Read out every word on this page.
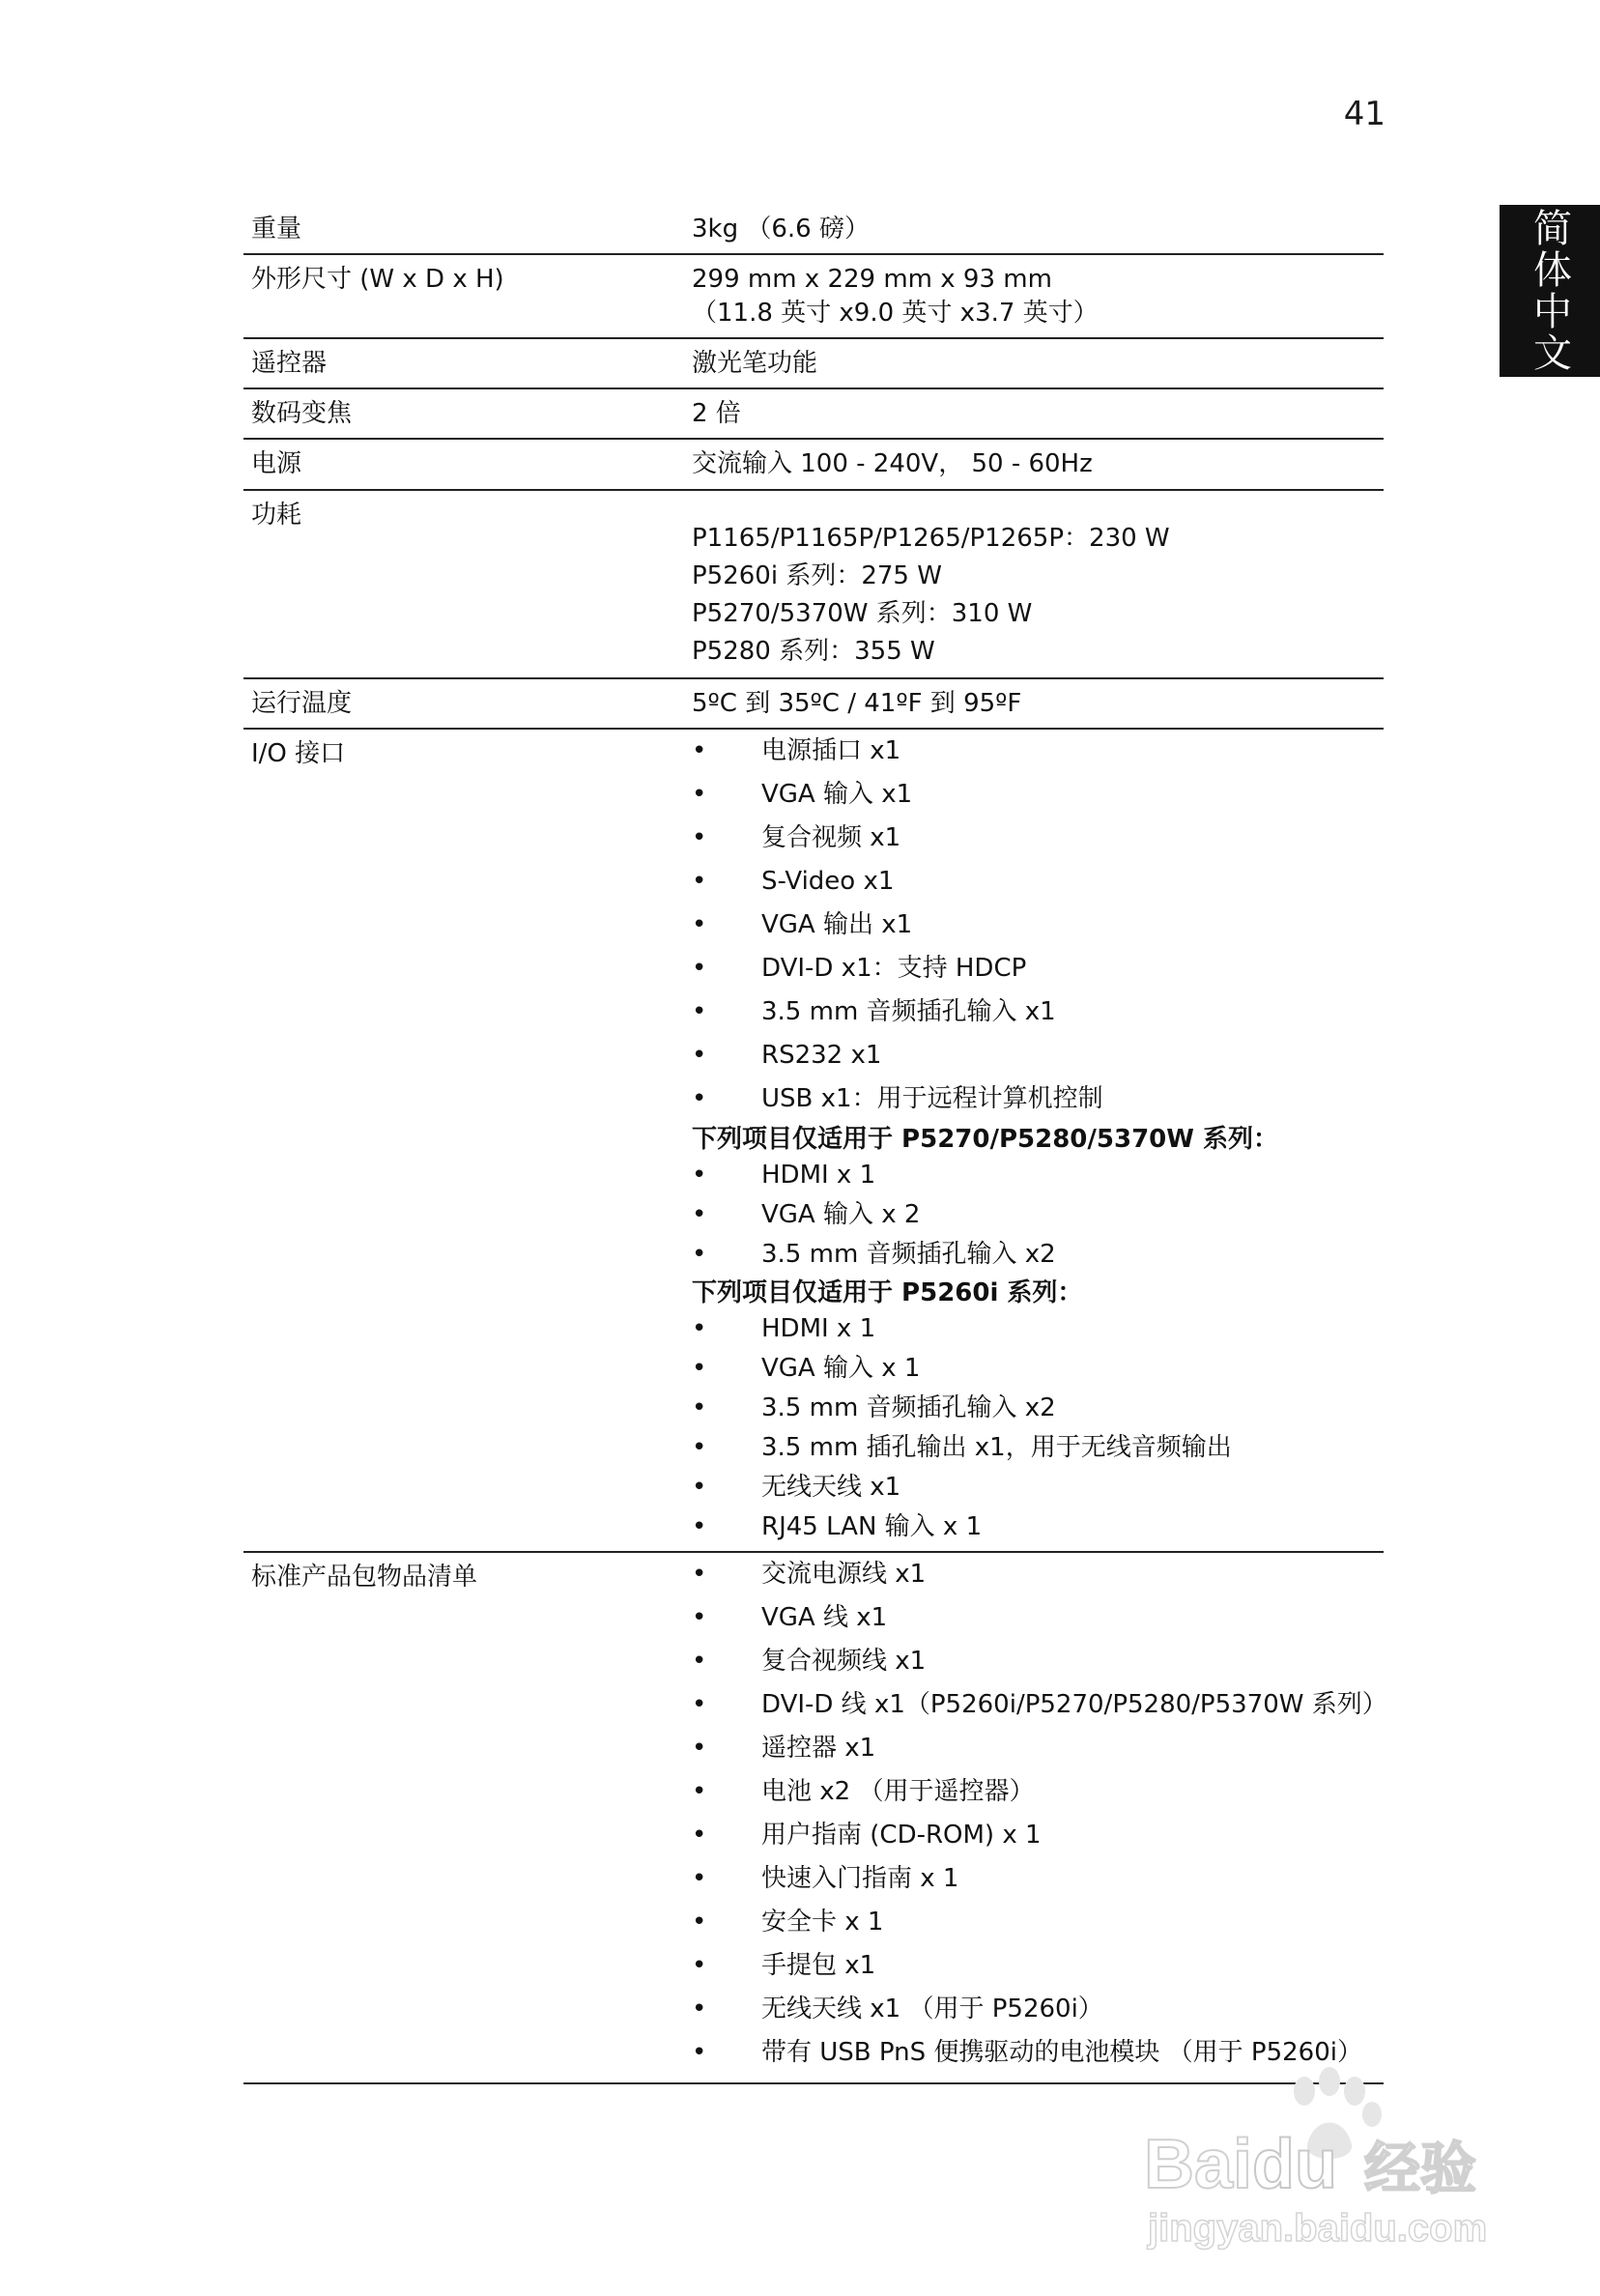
41
简体中文
重量	3kg （6.6 磅）
外形尺寸 (W x D x H)	299 mm x 229 mm x 93 mm
（11.8 英寸 x9.0 英寸 x3.7 英寸）
遥控器	激光笔功能
数码变焦	2 倍
电源	交流输入 100 - 240V， 50 - 60Hz
功耗
P1165/P1165P/P1265/P1265P：230 W
P5260i 系列：275 W
P5270/5370W 系列：310 W
P5280 系列：355 W
运行温度	5ºC 到 35ºC / 41ºF 到 95ºF
I/O 接口	•	电源插口 x1
•	VGA 输入 x1
•	复合视频 x1
•	S-Video x1
•	VGA 输出 x1
•	DVI-D x1：支持 HDCP
•	3.5 mm 音频插孔输入 x1
•	RS232 x1
•	USB x1：用于远程计算机控制
下列项目仅适用于 P5270/P5280/5370W 系列：
•	HDMI x 1
•	VGA 输入 x 2
•	3.5 mm 音频插孔输入 x2
下列项目仅适用于 P5260i 系列：
•	HDMI x 1
•	VGA 输入 x 1
•	3.5 mm 音频插孔输入 x2
•	3.5 mm 插孔输出 x1，用于无线音频输出
•	无线天线 x1
•	RJ45 LAN 输入 x 1
标准产品包物品清单	•	交流电源线 x1
•	VGA 线 x1
•	复合视频线 x1
•	DVI-D 线 x1（P5260i/P5270/P5280/P5370W 系列）
•	遥控器 x1
•	电池 x2 （用于遥控器）
•	用户指南 (CD-ROM) x 1
•	快速入门指南 x 1
•	安全卡 x 1
•	手提包 x1
•	无线天线 x1 （用于 P5260i）
•	带有 USB PnS 便携驱动的电池模块 （用于 P5260i）
Baidu 经验
jingyan.baidu.com
